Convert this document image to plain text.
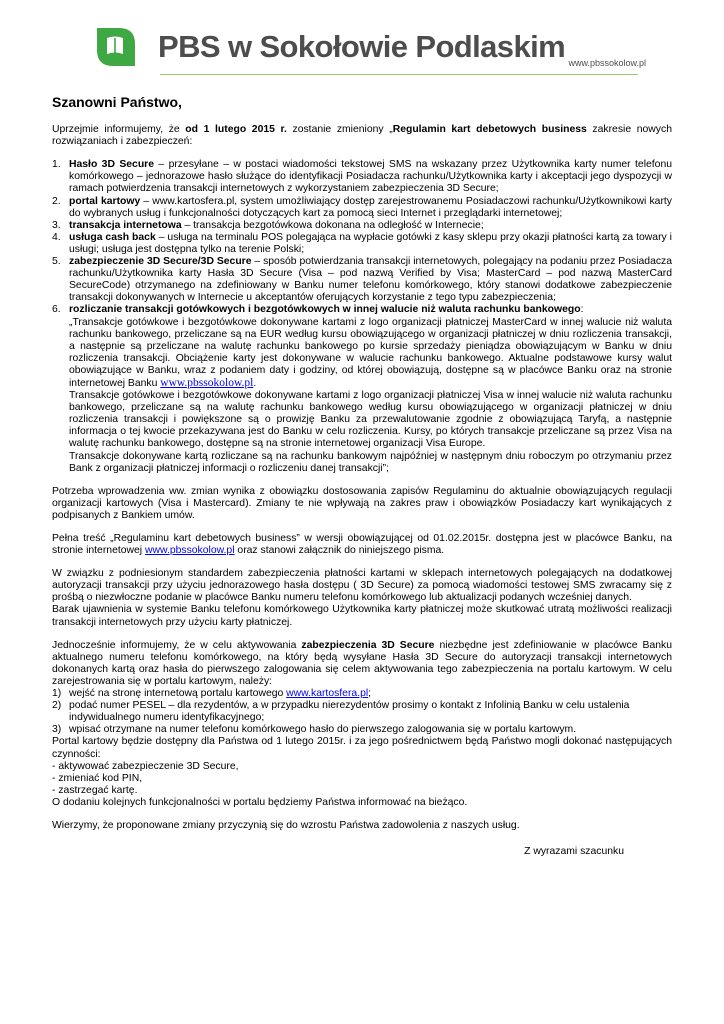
PBS w Sokołowie Podlaskim www.pbssokolow.pl
Szanowni Państwo,

Uprzejmie informujemy, że od 1 lutego 2015 r. zostanie zmieniony „Regulamin kart debetowych business zakresie nowych rozwiązaniach i zabezpieczeń:

1. Hasło 3D Secure – przesyłane – w postaci wiadomości tekstowej SMS na wskazany przez Użytkownika karty numer telefonu komórkowego – jednorazowe hasło służące do identyfikacji Posiadacza rachunku/Użytkownika karty i akceptacji jego dyspozycji w ramach potwierdzenia transakcji internetowych z wykorzystaniem zabezpieczenia 3D Secure;
2. portal kartowy – www.kartosfera.pl, system umożliwiający dostęp zarejestrowanemu Posiadaczowi rachunku/Użytkownikowi karty do wybranych usług i funkcjonalności dotyczących kart za pomocą sieci Internet i przeglądarki internetowej;
3. transakcja internetowa – transakcja bezgotówkowa dokonana na odległość w Internecie;
4. usługa cash back – usługa na terminalu POS polegająca na wypłacie gotówki z kasy sklepu przy okazji płatności kartą za towary i usługi; usługa jest dostępna tylko na terenie Polski;
5. zabezpieczenie 3D Secure/3D Secure – sposób potwierdzania transakcji internetowych, polegający na podaniu przez Posiadacza rachunku/Użytkownika karty Hasła 3D Secure (Visa – pod nazwą Verified by Visa; MasterCard – pod nazwą MasterCard SecureCode) otrzymanego na zdefiniowany w Banku numer telefonu komórkowego, który stanowi dodatkowe zabezpieczenie transakcji dokonywanych w Internecie u akceptantów oferujących korzystanie z tego typu zabezpieczenia;
6. rozliczanie transakcji gotówkowych i bezgotówkowych w innej walucie niż waluta rachunku bankowego:
„Transakcje gotówkowe i bezgotówkowe dokonywane kartami z logo organizacji płatniczej MasterCard w innej walucie niż waluta rachunku bankowego, przeliczane są na EUR według kursu obowiązującego w organizacji płatniczej w dniu rozliczenia transakcji, a następnie są przeliczane na walutę rachunku bankowego po kursie sprzedaży pieniądza obowiązującym w Banku w dniu rozliczenia transakcji. Obciążenie karty jest dokonywane w walucie rachunku bankowego. Aktualne podstawowe kursy walut obowiązujące w Banku, wraz z podaniem daty i godziny, od której obowiązują, dostępne są w placówce Banku oraz na stronie internetowej Banku www.pbssokolow.pl.
Transakcje gotówkowe i bezgotówkowe dokonywane kartami z logo organizacji płatniczej Visa w innej walucie niż waluta rachunku bankowego, przeliczane są na walutę rachunku bankowego według kursu obowiązującego w organizacji płatniczej w dniu rozliczenia transakcji i powiększone są o prowizję Banku za przewalutowanie zgodnie z obowiązującą Taryfą, a następnie informacja o tej kwocie przekazywana jest do Banku w celu rozliczenia. Kursy, po których transakcje przeliczane są przez Visa na walutę rachunku bankowego, dostępne są na stronie internetowej organizacji Visa Europe.
Transakcje dokonywane kartą rozliczane są na rachunku bankowym najpóźniej w następnym dniu roboczym po otrzymaniu przez Bank z organizacji płatniczej informacji o rozliczeniu danej transakcji”;

Potrzeba wprowadzenia ww. zmian wynika z obowiązku dostosowania zapisów Regulaminu do aktualnie obowiązujących regulacji organizacji kartowych (Visa i Mastercard). Zmiany te nie wpływają na zakres praw i obowiązków Posiadaczy kart wynikających z podpisanych z Bankiem umów.

Pełna treść „Regulaminu kart debetowych business” w wersji obowiązującej od 01.02.2015r. dostępna jest w placówce Banku, na stronie internetowej www.pbssokolow.pl oraz stanowi załącznik do niniejszego pisma.

W związku z podniesionym standardem zabezpieczenia płatności kartami w sklepach internetowych polegających na dodatkowej autoryzacji transakcji przy użyciu jednorazowego hasła dostępu ( 3D Secure) za pomocą wiadomości testowej SMS zwracamy się z prośbą o niezwłoczne podanie w placówce Banku numeru telefonu komórkowego lub aktualizacji podanych wcześniej danych.

Barak ujawnienia w systemie Banku telefonu komórkowego Użytkownika karty płatniczej może skutkować utratą możliwości realizacji transakcji internetowych przy użyciu karty płatniczej.

Jednocześnie informujemy, że w celu aktywowania zabezpieczenia 3D Secure niezbędne jest zdefiniowanie w placówce Banku aktualnego numeru telefonu komórkowego, na który będą wysyłane Hasła 3D Secure do autoryzacji transakcji internetowych dokonanych kartą oraz hasła do pierwszego zalogowania się celem aktywowania tego zabezpieczenia na portalu kartowym. W celu zarejestrowania się w portalu kartowym, należy:

1) wejść na stronę internetową portalu kartowego www.kartosfera.pl;
2) podać numer PESEL – dla rezydentów, a w przypadku nierezydentów prosimy o kontakt z Infolinią Banku w celu ustalenia indywidualnego numeru identyfikacyjnego;
3) wpisać otrzymane na numer telefonu komórkowego hasło do pierwszego zalogowania się w portalu kartowym.

Portal kartowy będzie dostępny dla Państwa od 1 lutego 2015r. i za jego pośrednictwem będą Państwo mogli dokonać następujących czynności:

- aktywować zabezpieczenie 3D Secure,
- zmieniać kod PIN,
- zastrzegać kartę.

O dodaniu kolejnych funkcjonalności w portalu będziemy Państwa informować na bieżąco.

Wierzymy, że proponowane zmiany przyczynią się do wzrostu Państwa zadowolenia z naszych usług.

Z wyrazami szacunku
